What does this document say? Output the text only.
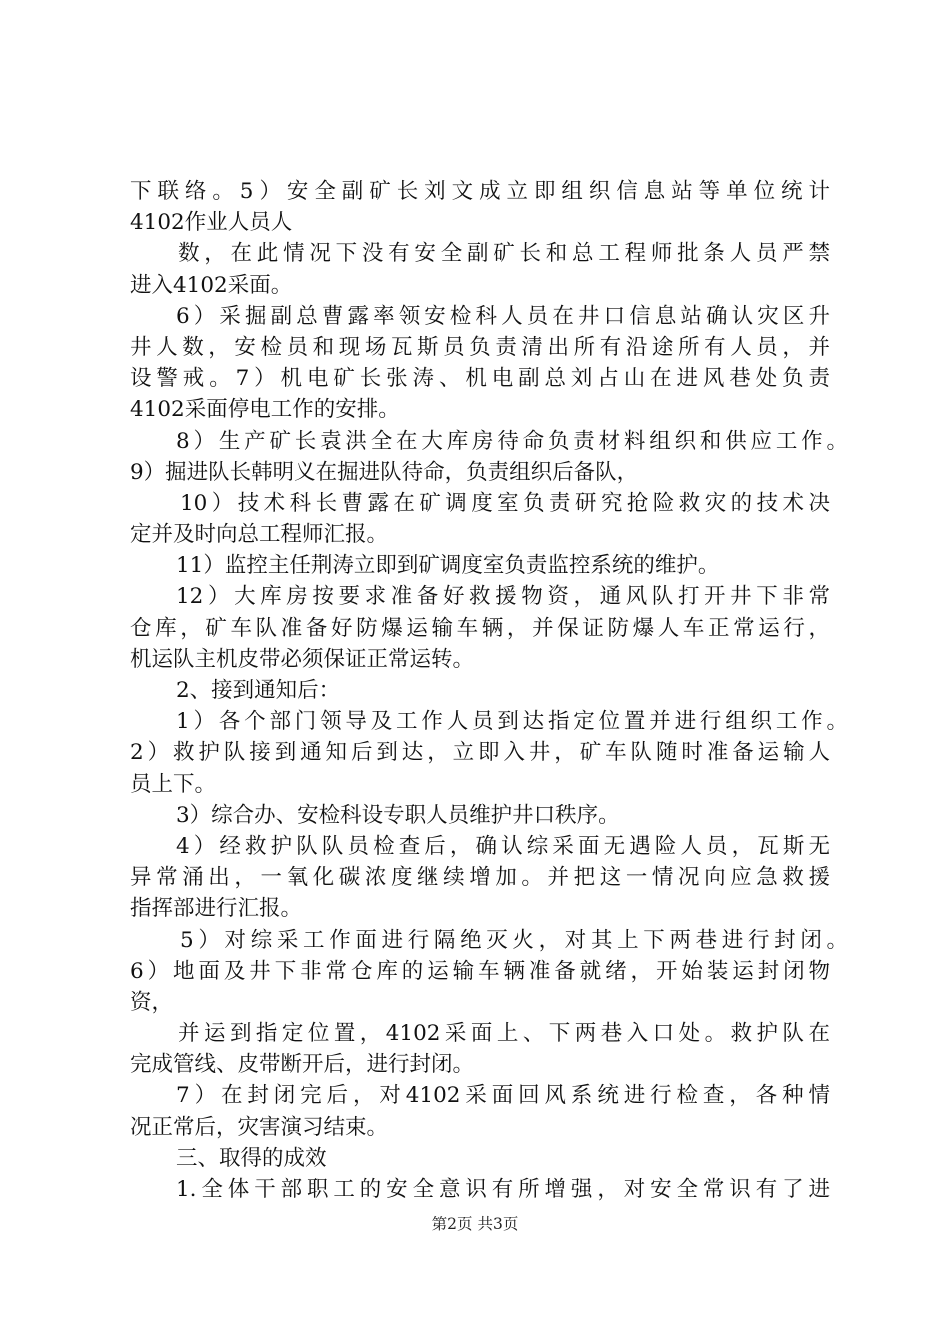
下联络。5）安全副矿长刘文成立即组织信息站等单位统计
4102作业人员人
数，在此情况下没有安全副矿长和总工程师批条人员严禁
进入4102采面。
6）采掘副总曹露率领安检科人员在井口信息站确认灾区升
井人数，安检员和现场瓦斯员负责清出所有沿途所有人员，并
设警戒。7）机电矿长张涛、机电副总刘占山在进风巷处负责
4102采面停电工作的安排。
8）生产矿长袁洪全在大库房待命负责材料组织和供应工作。
9）掘进队长韩明义在掘进队待命，负责组织后备队，
10）技术科长曹露在矿调度室负责研究抢险救灾的技术决
定并及时向总工程师汇报。
11）监控主任荆涛立即到矿调度室负责监控系统的维护。
12）大库房按要求准备好救援物资，通风队打开井下非常
仓库，矿车队准备好防爆运输车辆，并保证防爆人车正常运行，
机运队主机皮带必须保证正常运转。
2、接到通知后：
1）各个部门领导及工作人员到达指定位置并进行组织工作。
2）救护队接到通知后到达，立即入井，矿车队随时准备运输人
员上下。
3）综合办、安检科设专职人员维护井口秩序。
4）经救护队队员检查后，确认综采面无遇险人员，瓦斯无
异常涌出，一氧化碳浓度继续增加。并把这一情况向应急救援
指挥部进行汇报。
5）对综采工作面进行隔绝灭火，对其上下两巷进行封闭。
6）地面及井下非常仓库的运输车辆准备就绪，开始装运封闭物
资，
并运到指定位置，4102采面上、下两巷入口处。救护队在
完成管线、皮带断开后，进行封闭。
7）在封闭完后，对4102采面回风系统进行检查，各种情
况正常后，灾害演习结束。
三、取得的成效
1.全体干部职工的安全意识有所增强，对安全常识有了进
第2页 共3页
